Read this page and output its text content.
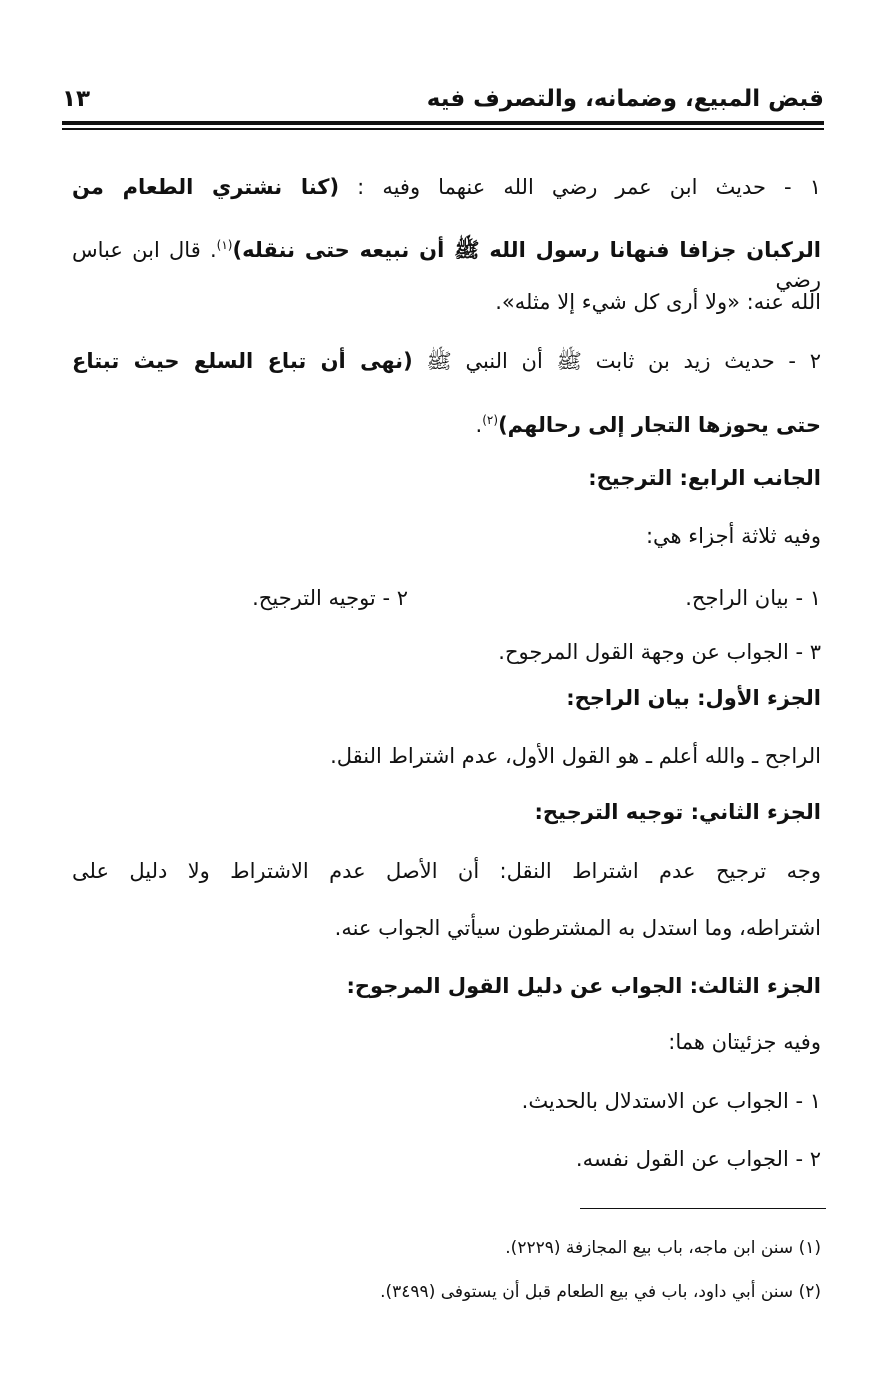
قبض المبيع، وضمانه، والتصرف فيه
١٣
١ - حديث ابن عمر رضي الله عنهما وفيه : (كنا نشتري الطعام من
الركبان جزافا فنهانا رسول الله ﷺ أن نبيعه حتى ننقله)$^{(١)}$. قال ابن عباس رضي
الله عنه: «ولا أرى كل شيء إلا مثله».
٢ - حديث زيد بن ثابت ﷺ أن النبي ﷺ (نهى أن تباع السلع حيث تبتاع
حتى يحوزها التجار إلى رحالهم)$^{(٢)}$.
الجانب الرابع: الترجيح:
وفيه ثلاثة أجزاء هي:
١ - بيان الراجح.
٢ - توجيه الترجيح.
٣ - الجواب عن وجهة القول المرجوح.
الجزء الأول: بيان الراجح:
الراجح ـ والله أعلم ـ هو القول الأول، عدم اشتراط النقل.
الجزء الثاني: توجيه الترجيح:
وجه ترجيح عدم اشتراط النقل: أن الأصل عدم الاشتراط ولا دليل على
اشتراطه، وما استدل به المشترطون سيأتي الجواب عنه.
الجزء الثالث: الجواب عن دليل القول المرجوح:
وفيه جزئيتان هما:
١ - الجواب عن الاستدلال بالحديث.
٢ - الجواب عن القول نفسه.
(١) سنن ابن ماجه، باب بيع المجازفة (٢٢٢٩).
(٢) سنن أبي داود، باب في بيع الطعام قبل أن يستوفى (٣٤٩٩).
